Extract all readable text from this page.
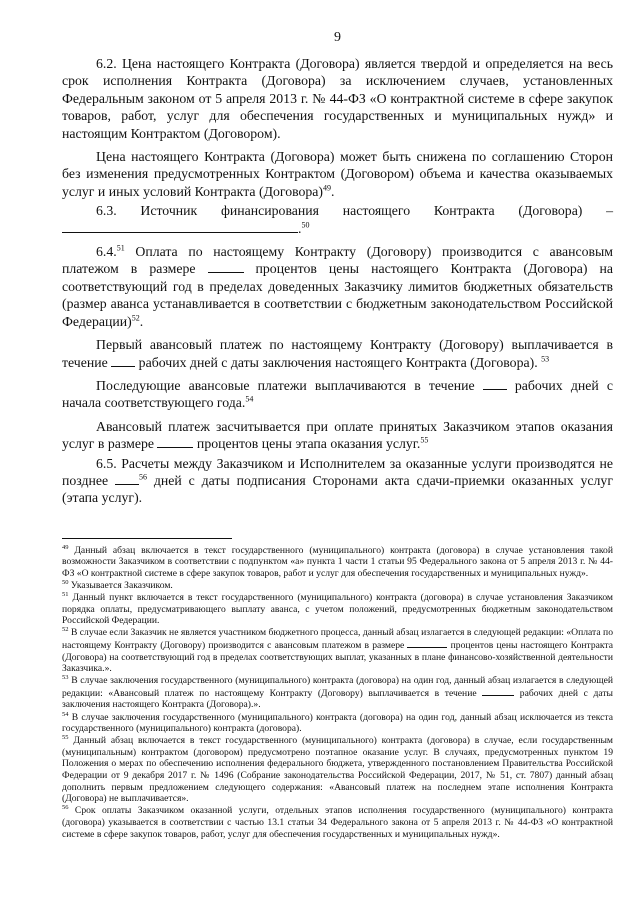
9

6.2. Цена настоящего Контракта (Договора) является твердой и определяется на весь срок исполнения Контракта (Договора) за исключением случаев, установленных Федеральным законом от 5 апреля 2013 г. № 44-ФЗ «О контрактной системе в сфере закупок товаров, работ, услуг для обеспечения государственных и муниципальных нужд» и настоящим Контрактом (Договором).

Цена настоящего Контракта (Договора) может быть снижена по соглашению Сторон без изменения предусмотренных Контрактом (Договором) объема и качества оказываемых услуг и иных условий Контракта (Договора)$^{49}$.

6.3. Источник финансирования настоящего Контракта (Договора) –

.$^{50}$

6.4.51 Оплата по настоящему Контракту (Договору) производится с авансовым платежом в размере	процентов цены настоящего Контракта (Договора) на соответствующий год в пределах доведенных Заказчику лимитов бюджетных обязательств (размер аванса устанавливается в соответствии с бюджетным законодательством Российской Федерации)$^{52}$.

Первый авансовый платеж по настоящему Контракту (Договору) выплачивается в течение  рабочих дней с даты заключения настоящего Контракта (Договора). $^{53}$

Последующие авансовые платежи выплачиваются в течение  рабочих дней с начала соответствующего года.$^{54}$

Авансовый платеж засчитывается при оплате принятых Заказчиком этапов оказания услуг в размере	процентов цены этапа оказания услуг.$^{55}$

6.5. Расчеты между Заказчиком и Исполнителем за оказанные услуги производятся не позднее	$^{56}$ дней с даты подписания Сторонами акта сдачи-приемки оказанных услуг (этапа услуг).

$^{49}$ Данный абзац включается в текст государственного (муниципального) контракта (договора) в случае установления такой возможности Заказчиком в соответствии с подпунктом «а» пункта 1 части 1 статьи 95 Федерального закона от 5 апреля 2013 г. № 44-ФЗ «О контрактной системе в сфере закупок товаров, работ и услуг для обеспечения государственных и муниципальных нужд».

$^{50}$ Указывается Заказчиком.

$^{51}$ Данный пункт включается в текст государственного (муниципального) контракта (договора) в случае установления Заказчиком порядка оплаты, предусматривающего выплату аванса, с учетом положений, предусмотренных бюджетным законодательством Российской Федерации.

$^{52}$ В случае если Заказчик не является участником бюджетного процесса, данный абзац излагается в следующей редакции: «Оплата по настоящему Контракту (Договору) производится с авансовым платежом в размере	процентов цены настоящего Контракта (Договора) на соответствующий год в пределах соответствующих выплат, указанных в плане финансово-хозяйственной деятельности Заказчика.».

$^{53}$ В случае заключения государственного (муниципального) контракта (договора) на один год, данный абзац излагается в следующей редакции: «Авансовый платеж по настоящему Контракту (Договору) выплачивается в течение	рабочих дней с даты заключения настоящего Контракта (Договора).».

$^{54}$ В случае заключения государственного (муниципального) контракта (договора) на один год, данный абзац исключается из текста государственного (муниципального) контракта (договора).

$^{55}$ Данный абзац включается в текст государственного (муниципального) контракта (договора) в случае, если государственным (муниципальным) контрактом (договором) предусмотрено поэтапное оказание услуг. В случаях, предусмотренных пунктом 19 Положения о мерах по обеспечению исполнения федерального бюджета, утвержденного постановлением Правительства Российской Федерации от 9 декабря 2017 г. № 1496 (Собрание законодательства Российской Федерации, 2017, № 51, ст. 7807) данный абзац дополнить первым предложением следующего содержания: «Авансовый платеж на последнем этапе исполнения Контракта (Договора) не выплачивается».

$^{56}$ Срок оплаты Заказчиком оказанной услуги, отдельных этапов исполнения государственного (муниципального) контракта (договора) указывается в соответствии с частью 13.1 статьи 34 Федерального закона от 5 апреля 2013 г. № 44-ФЗ «О контрактной системе в сфере закупок товаров, работ, услуг для обеспечения государственных и муниципальных нужд».
